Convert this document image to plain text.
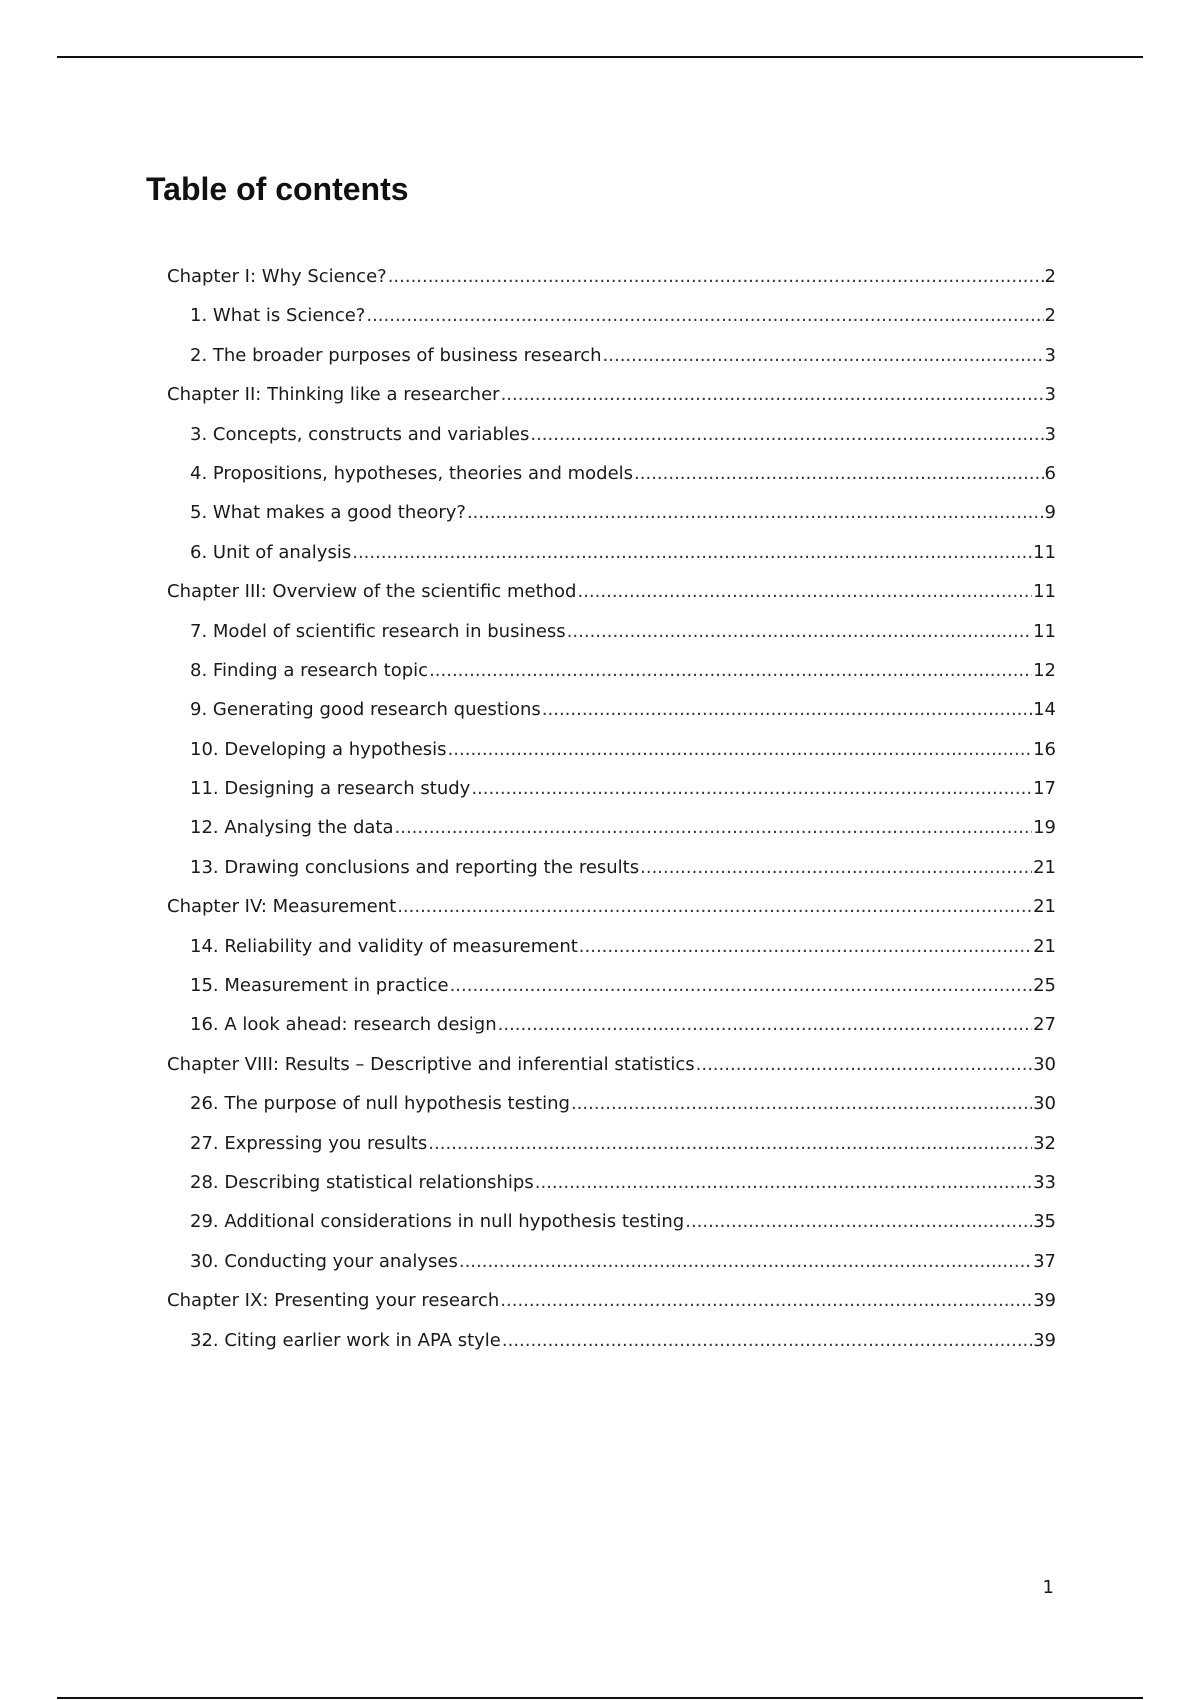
Table of contents
Chapter I: Why Science? .....	2
1. What is Science? .....	2
2. The broader purposes of business research .....	3
Chapter II: Thinking like a researcher .....	3
3. Concepts, constructs and variables .....	3
4. Propositions, hypotheses, theories and models .....	6
5. What makes a good theory? .....	9
6. Unit of analysis .....	11
Chapter III: Overview of the scientific method .....	11
7. Model of scientific research in business .....	11
8. Finding a research topic .....	12
9. Generating good research questions .....	14
10. Developing a hypothesis .....	16
11. Designing a research study .....	17
12. Analysing the data .....	19
13. Drawing conclusions and reporting the results .....	21
Chapter IV: Measurement .....	21
14. Reliability and validity of measurement .....	21
15. Measurement in practice .....	25
16. A look ahead: research design .....	27
Chapter VIII: Results – Descriptive and inferential statistics .....	30
26. The purpose of null hypothesis testing .....	30
27. Expressing you results .....	32
28. Describing statistical relationships .....	33
29. Additional considerations in null hypothesis testing .....	35
30. Conducting your analyses .....	37
Chapter IX: Presenting your research .....	39
32. Citing earlier work in APA style .....	39
1
